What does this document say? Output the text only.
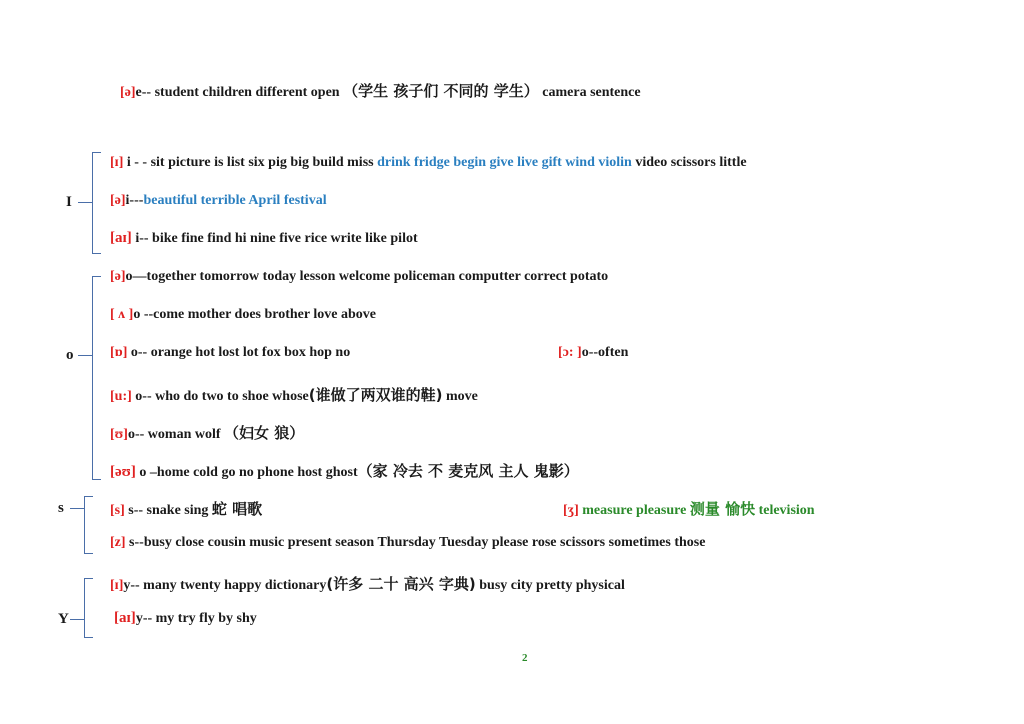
I
o
s
Y
[ə]e-- student children different open （学生 孩子们 不同的 学生） camera sentence
[ɪ] i - - sit picture is list six pig big build miss drink fridge begin give live gift wind violin video scissors little
[ə]i---beautiful terrible April festival
[aɪ] i-- bike fine find hi nine five rice write like pilot
[ə]o—together tomorrow today lesson welcome policeman computter correct potato
[ ʌ ]o --come mother does brother love above
[ɒ] o-- orange hot lost lot fox box hop no	[ɔ: ]o--often
[u:] o-- who do two to shoe whose(谁做了两双谁的鞋) move
[ʊ]o-- woman wolf （妇女 狼）
[əʊ] o –home cold go no phone host ghost（家 冷去 不 麦克风 主人 鬼影）
[s] s-- snake sing 蛇 唱歌	[ʒ] measure pleasure 测量 愉快 television
[z] s--busy close cousin music present season Thursday Tuesday please rose scissors sometimes those
[ɪ]y-- many twenty happy dictionary(许多 二十 高兴 字典) busy city pretty physical
[aɪ]y-- my try fly by shy
2
